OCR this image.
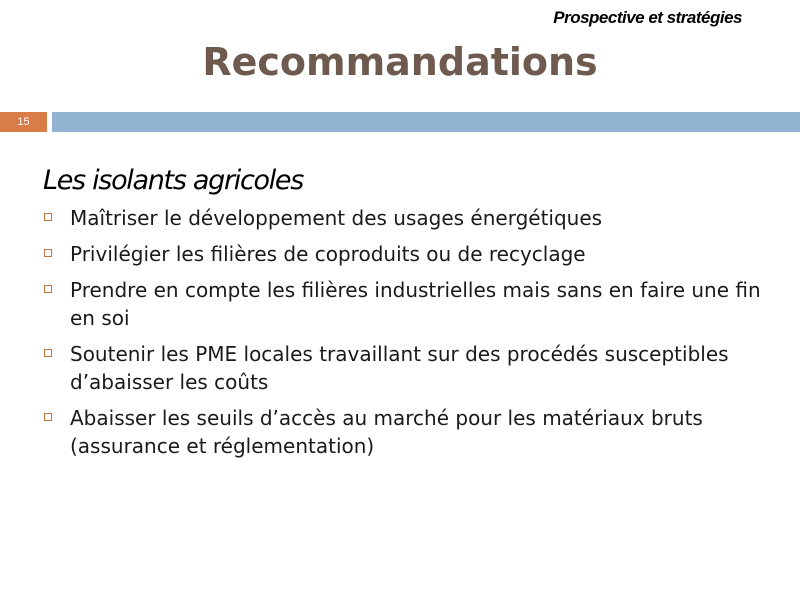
Prospective et stratégies
Recommandations
15

Les isolants agricoles

Maîtriser le développement des usages énergétiques
Privilégier les filières de coproduits ou de recyclage
Prendre en compte les filières industrielles mais sans en faire une fin en soi
Soutenir les PME locales travaillant sur des procédés susceptibles d’abaisser les coûts
Abaisser les seuils d’accès au marché pour les matériaux bruts (assurance et réglementation)
